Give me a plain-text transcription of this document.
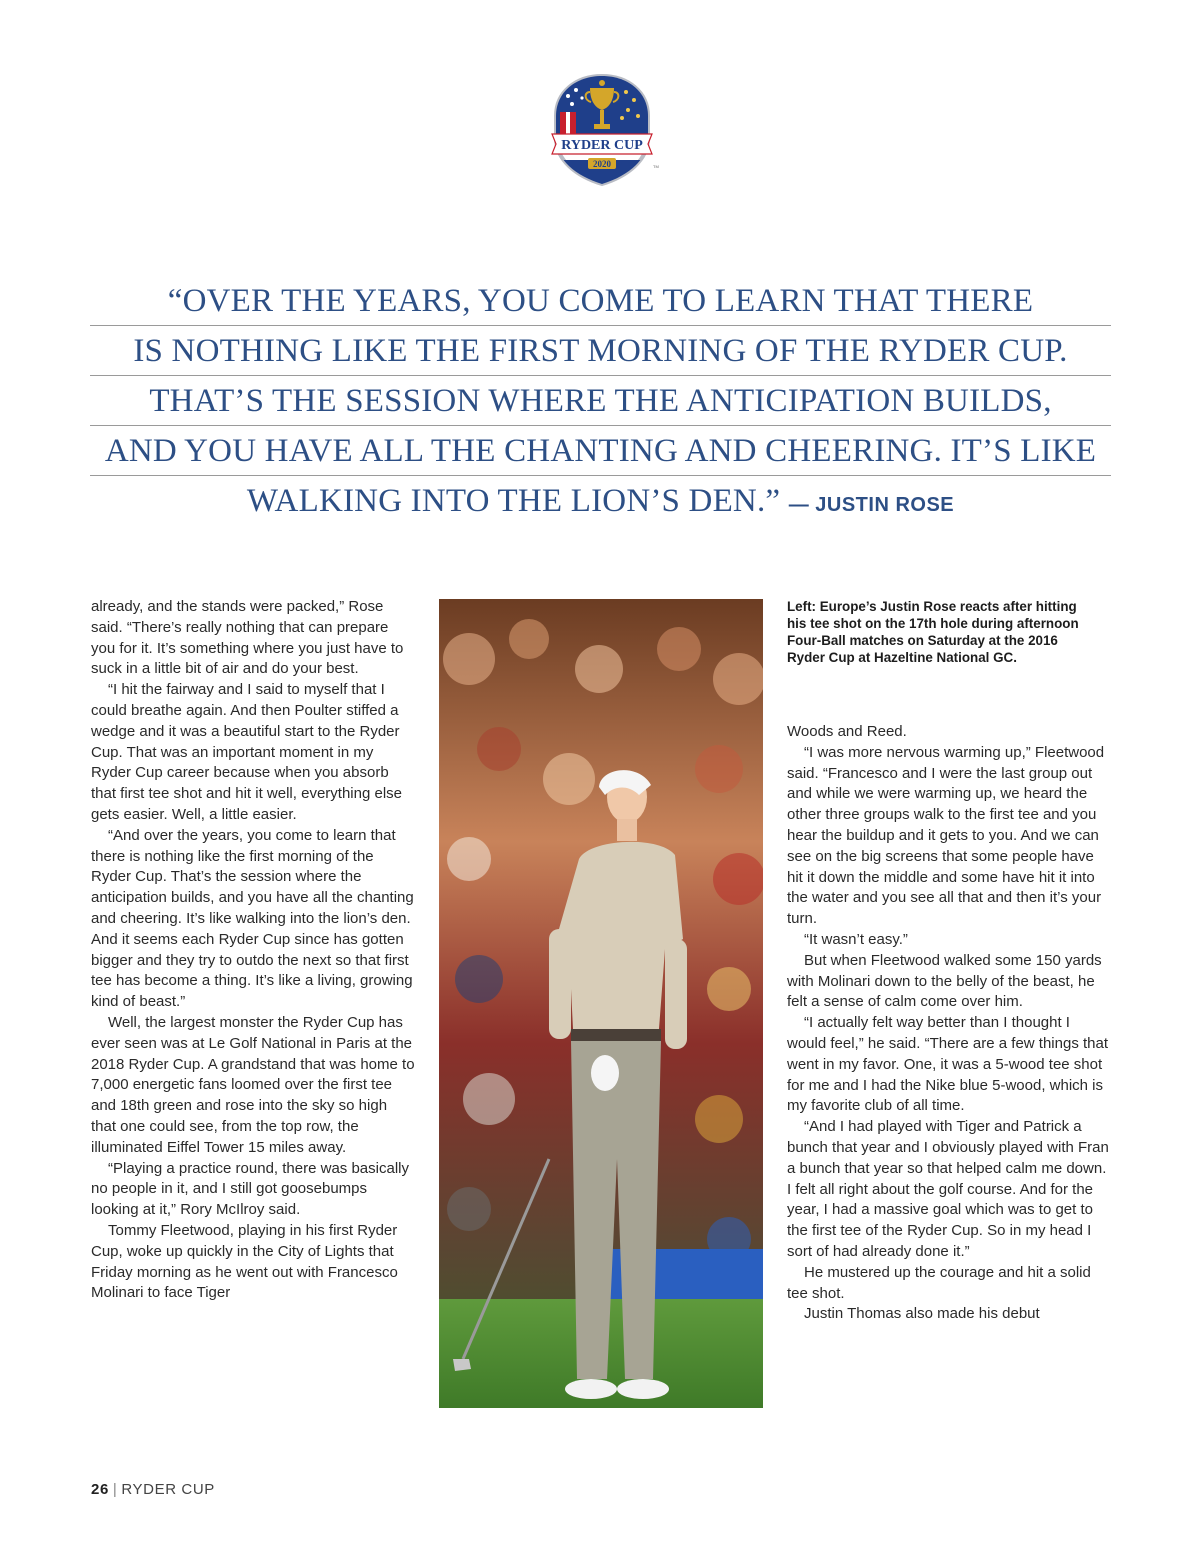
RYDER CUP
2020	TM
“OVER THE YEARS, YOU COME TO LEARN THAT THERE
IS NOTHING LIKE THE FIRST MORNING OF THE RYDER CUP.
THAT’S THE SESSION WHERE THE ANTICIPATION BUILDS,
AND YOU HAVE ALL THE CHANTING AND CHEERING. IT’S LIKE
WALKING INTO THE LION’S DEN.” — JUSTIN ROSE

already, and the stands were packed,” Rose said. “There’s really nothing that can prepare you for it. It’s something where you just have to suck in a little bit of air and do your best.

“I hit the fairway and I said to myself that I could breathe again. And then Poulter stiffed a wedge and it was a beautiful start to the Ryder Cup. That was an important moment in my Ryder Cup career because when you absorb that first tee shot and hit it well, everything else gets easier. Well, a little easier.

“And over the years, you come to learn that there is nothing like the first morning of the Ryder Cup. That’s the session where the anticipation builds, and you have all the chanting and cheering. It’s like walking into the lion’s den. And it seems each Ryder Cup since has gotten bigger and they try to outdo the next so that first tee has become a thing. It’s like a living, growing kind of beast.”

Well, the largest monster the Ryder Cup has ever seen was at Le Golf National in Paris at the 2018 Ryder Cup. A grandstand that was home to 7,000 energetic fans loomed over the first tee and 18th green and rose into the sky so high that one could see, from the top row, the illuminated Eiffel Tower 15 miles away.

“Playing a practice round, there was basically no people in it, and I still got goosebumps looking at it,” Rory McIlroy said.

Tommy Fleetwood, playing in his first Ryder Cup, woke up quickly in the City of Lights that Friday morning as he went out with Francesco Molinari to face Tiger

Left: Europe’s Justin Rose reacts after hitting his tee shot on the 17th hole during afternoon Four-Ball matches on Saturday at the 2016 Ryder Cup at Hazeltine National GC.

Woods and Reed.

“I was more nervous warming up,” Fleetwood said. “Francesco and I were the last group out and while we were warming up, we heard the other three groups walk to the first tee and you hear the buildup and it gets to you. And we can see on the big screens that some people have hit it down the middle and some have hit it into the water and you see all that and then it’s your turn.

“It wasn’t easy.”

But when Fleetwood walked some 150 yards with Molinari down to the belly of the beast, he felt a sense of calm come over him.

“I actually felt way better than I thought I would feel,” he said. “There are a few things that went in my favor. One, it was a 5-wood tee shot for me and I had the Nike blue 5-wood, which is my favorite club of all time.

“And I had played with Tiger and Patrick a bunch that year and I obviously played with Fran a bunch that year so that helped calm me down. I felt all right about the golf course. And for the year, I had a massive goal which was to get to the first tee of the Ryder Cup. So in my head I sort of had already done it.”

He mustered up the courage and hit a solid tee shot.

Justin Thomas also made his debut

26 | RYDER CUP
